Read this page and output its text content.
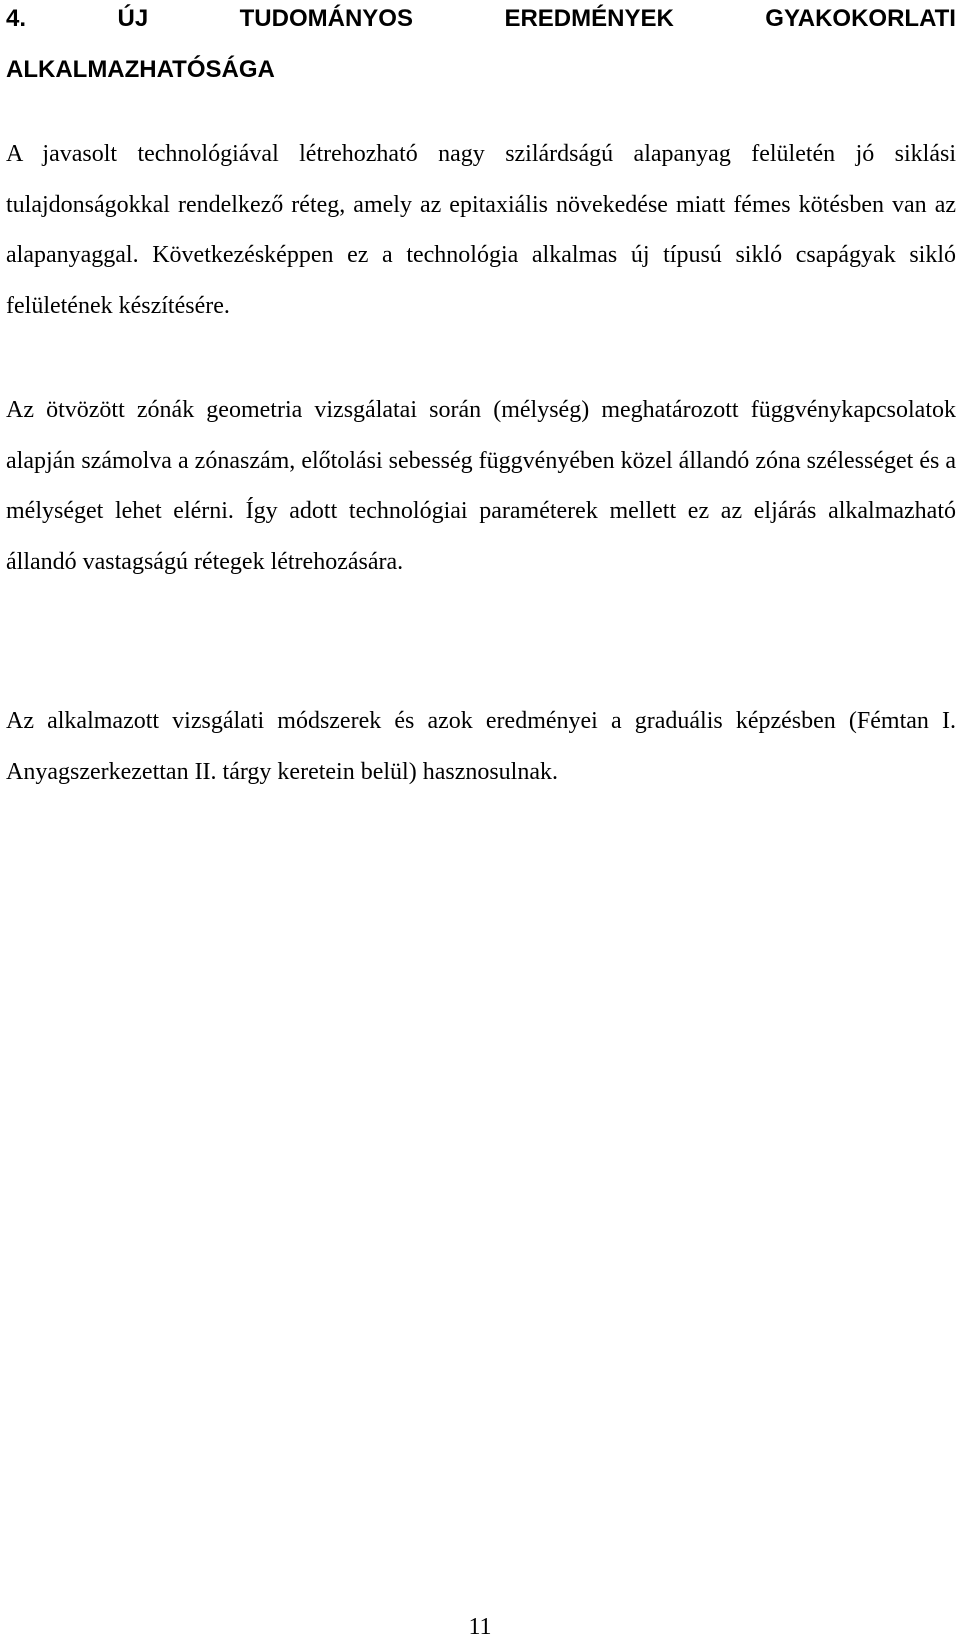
4.	ÚJ	TUDOMÁNYOS	EREDMÉNYEK	GYAKOKORLATI
ALKALMAZHATÓSÁGA

A javasolt technológiával létrehozható nagy szilárdságú alapanyag felületén jó siklási tulajdonságokkal rendelkező réteg, amely az epitaxiális növekedése miatt fémes kötésben van az alapanyaggal. Következésképpen ez a technológia alkalmas új típusú sikló csapágyak sikló felületének készítésére.

Az ötvözött zónák geometria vizsgálatai során (mélység) meghatározott függvénykapcsolatok alapján számolva a zónaszám, előtolási sebesség függvényében közel állandó zóna szélességet és a mélységet lehet elérni. Így adott technológiai paraméterek mellett ez az eljárás alkalmazható állandó vastagságú rétegek létrehozására.

Az alkalmazott vizsgálati módszerek és azok eredményei a graduális képzésben (Fémtan I. Anyagszerkezettan II. tárgy keretein belül) hasznosulnak.

11
